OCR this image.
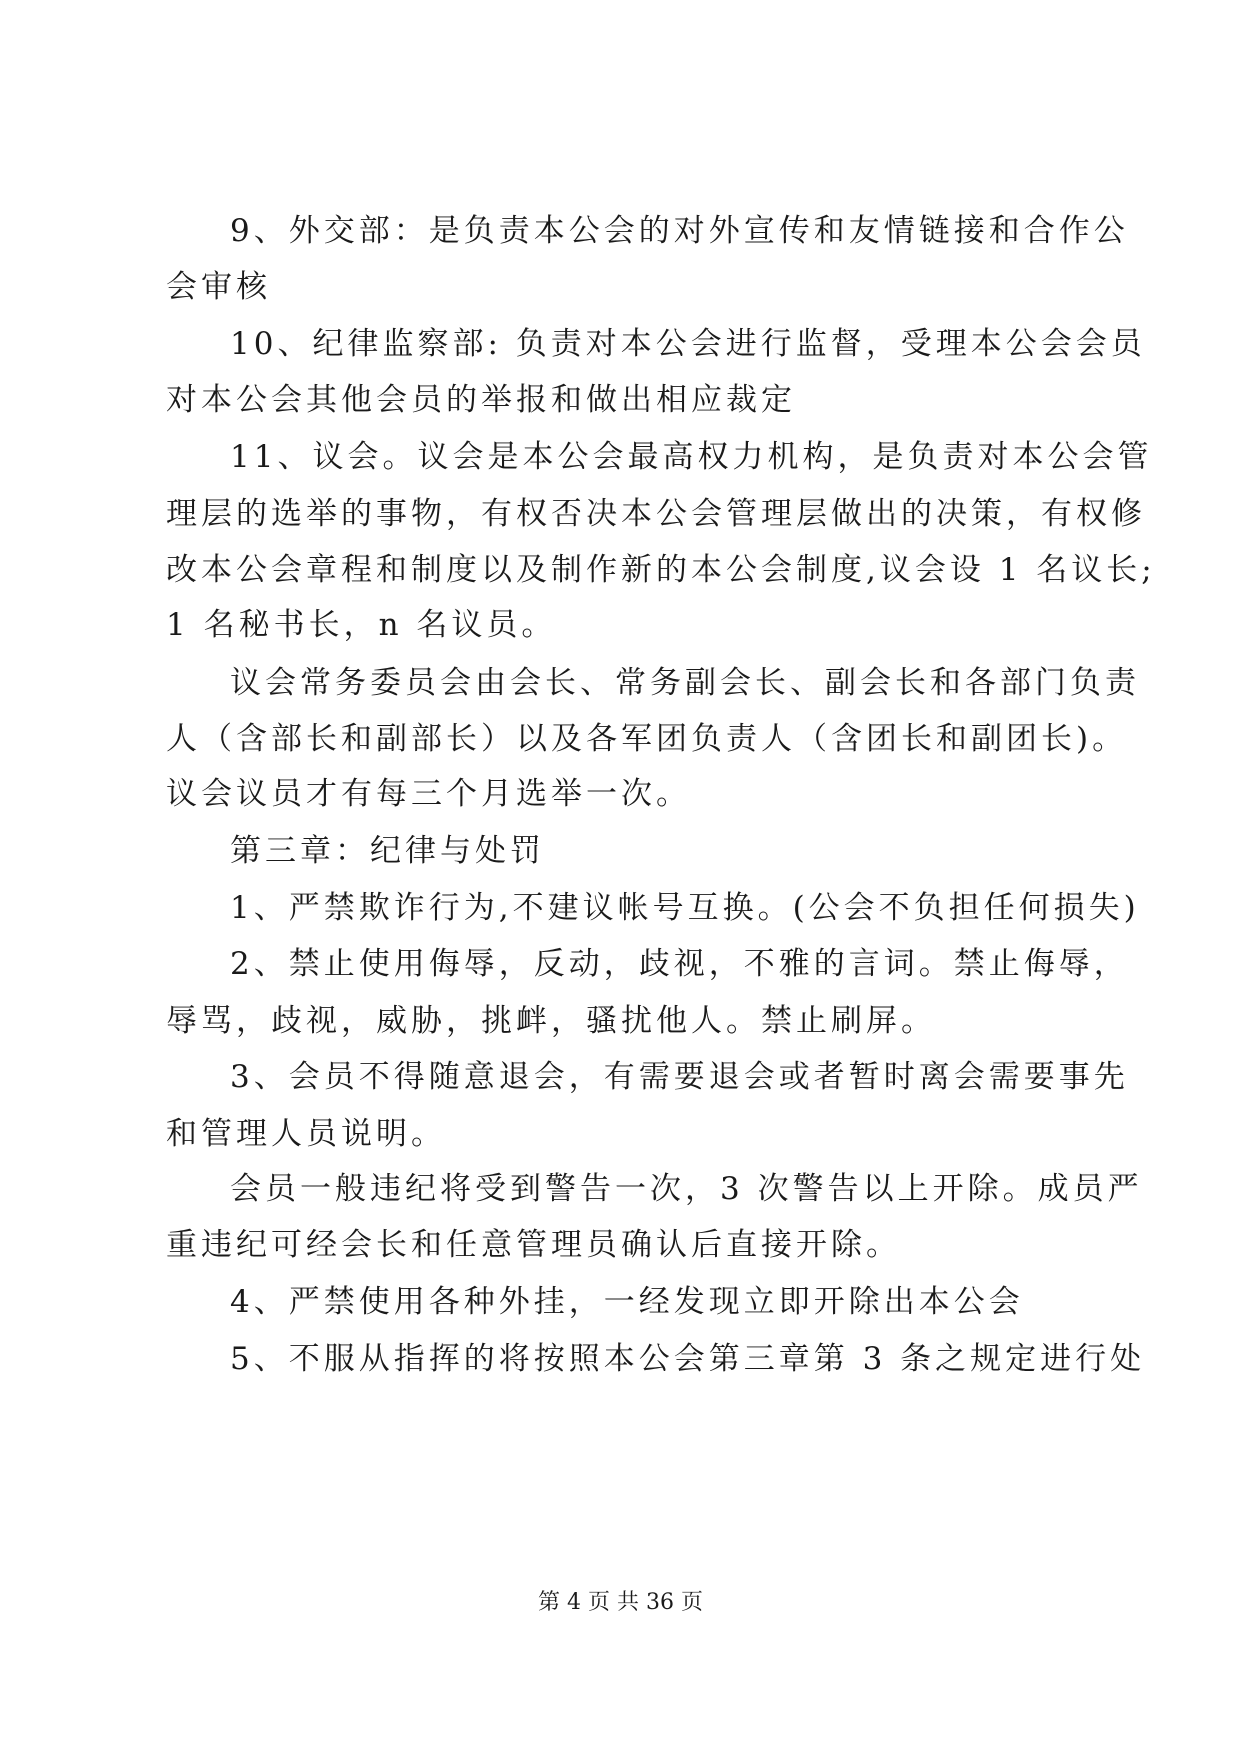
9、外交部：是负责本公会的对外宣传和友情链接和合作公
会审核
10、纪律监察部: 负责对本公会进行监督，受理本公会会员
对本公会其他会员的举报和做出相应裁定
11、议会。议会是本公会最高权力机构，是负责对本公会管
理层的选举的事物，有权否决本公会管理层做出的决策，有权修
改本公会章程和制度以及制作新的本公会制度,议会设 1 名议长;
1 名秘书长，n 名议员。
议会常务委员会由会长、常务副会长、副会长和各部门负责
人（含部长和副部长）以及各军团负责人（含团长和副团长)。
议会议员才有每三个月选举一次。
第三章：纪律与处罚
1、严禁欺诈行为,不建议帐号互换。(公会不负担任何损失)
2、禁止使用侮辱，反动，歧视，不雅的言词。禁止侮辱，
辱骂，歧视，威胁，挑衅，骚扰他人。禁止刷屏。
3、会员不得随意退会，有需要退会或者暂时离会需要事先
和管理人员说明。
会员一般违纪将受到警告一次，3 次警告以上开除。成员严
重违纪可经会长和任意管理员确认后直接开除。
4、严禁使用各种外挂，一经发现立即开除出本公会
5、不服从指挥的将按照本公会第三章第 3 条之规定进行处
第 4 页 共 36 页
